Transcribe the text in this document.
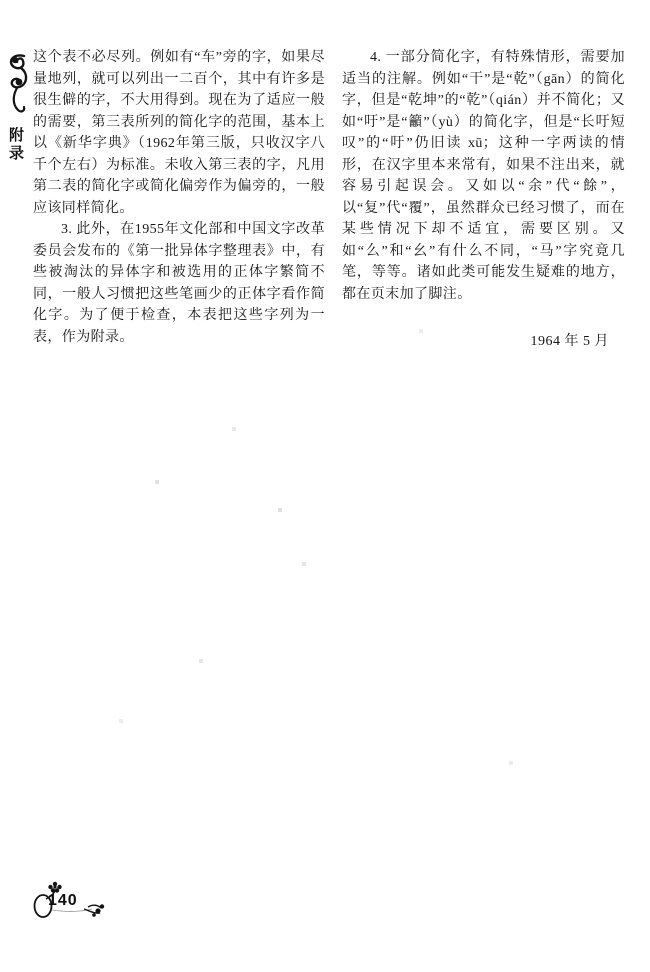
附录

这个表不必尽列。例如有“车”旁的字，如果尽量地列，就可以列出一二百个，其中有许多是很生僻的字，不大用得到。现在为了适应一般的需要，第三表所列的简化字的范围，基本上以《新华字典》（1962年第三版，只收汉字八千个左右）为标准。未收入第三表的字，凡用第二表的简化字或简化偏旁作为偏旁的，一般应该同样简化。

3. 此外，在1955年文化部和中国文字改革委员会发布的《第一批异体字整理表》中，有些被淘汰的异体字和被选用的正体字繁简不同，一般人习惯把这些笔画少的正体字看作简化字。为了便于检查，本表把这些字列为一表，作为附录。

4. 一部分简化字，有特殊情形，需要加适当的注解。例如“干”是“乾”（gān）的简化字，但是“乾坤”的“乾”（qián）并不简化；又如“吁”是“籲”（yù）的简化字，但是“长吁短叹”的“吁”仍旧读 xū；这种一字两读的情形，在汉字里本来常有，如果不注出来，就容易引起误会。又如以“余”代“餘”，以“复”代“覆”，虽然群众已经习惯了，而在某些情况下却不适宜，需要区别。又如“么”和“幺”有什么不同，“马”字究竟几笔，等等。诸如此类可能发生疑难的地方，都在页末加了脚注。

1964 年 5 月
140
